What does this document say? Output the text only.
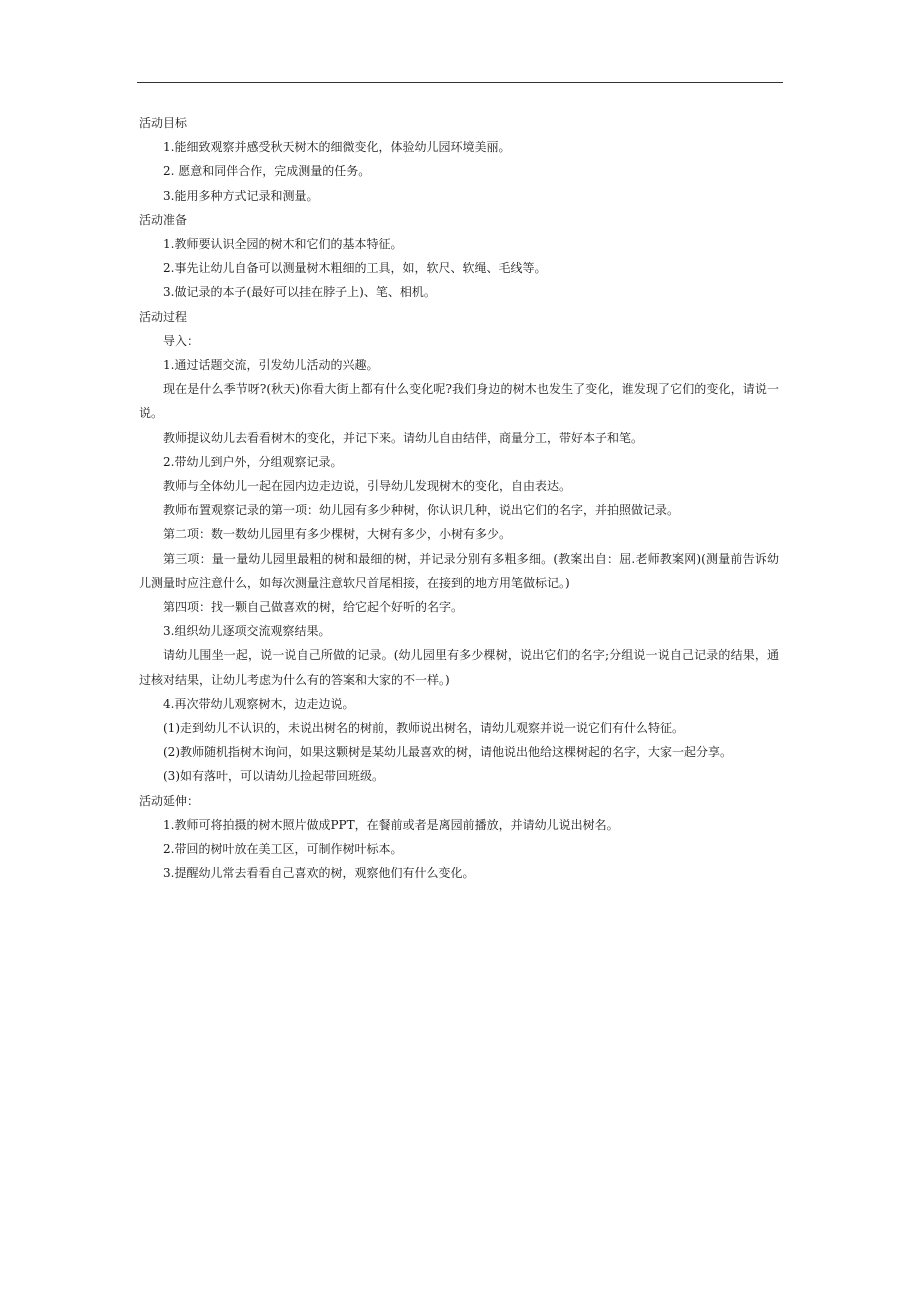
活动目标

1.能细致观察并感受秋天树木的细微变化，体验幼儿园环境美丽。

2. 愿意和同伴合作，完成测量的任务。

3.能用多种方式记录和测量。

活动准备

1.教师要认识全园的树木和它们的基本特征。

2.事先让幼儿自备可以测量树木粗细的工具，如，软尺、软绳、毛线等。

3.做记录的本子(最好可以挂在脖子上)、笔、相机。

活动过程

导入：

1.通过话题交流，引发幼儿活动的兴趣。

现在是什么季节呀?(秋天)你看大街上都有什么变化呢?我们身边的树木也发生了变化，谁发现了它们的变化，请说一说。

教师提议幼儿去看看树木的变化，并记下来。请幼儿自由结伴，商量分工，带好本子和笔。

2.带幼儿到户外，分组观察记录。

教师与全体幼儿一起在园内边走边说，引导幼儿发现树木的变化，自由表达。

教师布置观察记录的第一项：幼儿园有多少种树，你认识几种，说出它们的名字，并拍照做记录。

第二项：数一数幼儿园里有多少棵树，大树有多少，小树有多少。

第三项：量一量幼儿园里最粗的树和最细的树，并记录分别有多粗多细。(教案出自：屈.老师教案网)(测量前告诉幼儿测量时应注意什么，如每次测量注意软尺首尾相接，在接到的地方用笔做标记。)

第四项：找一颗自己做喜欢的树，给它起个好听的名字。

3.组织幼儿逐项交流观察结果。

请幼儿围坐一起，说一说自己所做的记录。(幼儿园里有多少棵树，说出它们的名字;分组说一说自己记录的结果，通过核对结果，让幼儿考虑为什么有的答案和大家的不一样。)

4.再次带幼儿观察树木，边走边说。

(1)走到幼儿不认识的，未说出树名的树前，教师说出树名，请幼儿观察并说一说它们有什么特征。

(2)教师随机指树木询问，如果这颗树是某幼儿最喜欢的树，请他说出他给这棵树起的名字，大家一起分享。

(3)如有落叶，可以请幼儿捡起带回班级。

活动延伸：

1.教师可将拍摄的树木照片做成PPT，在餐前或者是离园前播放，并请幼儿说出树名。

2.带回的树叶放在美工区，可制作树叶标本。

3.提醒幼儿常去看看自己喜欢的树，观察他们有什么变化。
